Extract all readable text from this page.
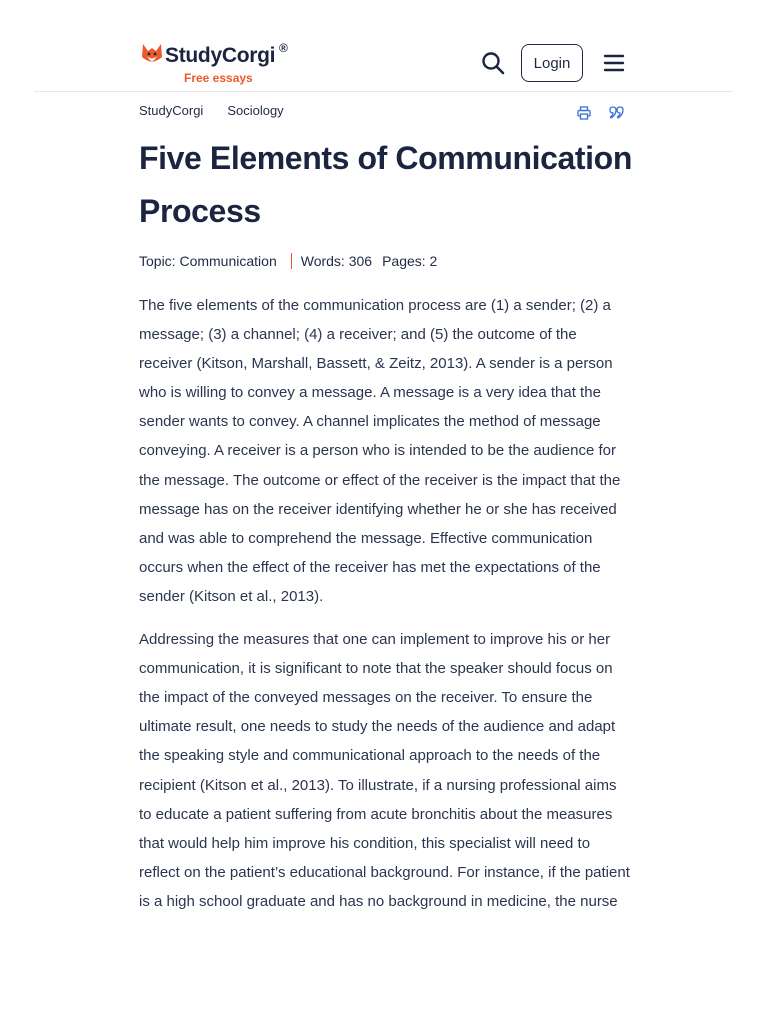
StudyCorgi ®
Free essays
Login
StudyCorgi Sociology
Five Elements of Communication Process
Topic: Communication Words: 306 Pages: 2

The five elements of the communication process are (1) a sender; (2) a message; (3) a channel; (4) a receiver; and (5) the outcome of the receiver (Kitson, Marshall, Bassett, & Zeitz, 2013). A sender is a person who is willing to convey a message. A message is a very idea that the sender wants to convey. A channel implicates the method of message conveying. A receiver is a person who is intended to be the audience for the message. The outcome or effect of the receiver is the impact that the message has on the receiver identifying whether he or she has received and was able to comprehend the message. Effective communication occurs when the effect of the receiver has met the expectations of the sender (Kitson et al., 2013).

Addressing the measures that one can implement to improve his or her communication, it is significant to note that the speaker should focus on the impact of the conveyed messages on the receiver. To ensure the ultimate result, one needs to study the needs of the audience and adapt the speaking style and communicational approach to the needs of the recipient (Kitson et al., 2013). To illustrate, if a nursing professional aims to educate a patient suffering from acute bronchitis about the measures that would help him improve his condition, this specialist will need to reflect on the patient’s educational background. For instance, if the patient is a high school graduate and has no background in medicine, the nurse
